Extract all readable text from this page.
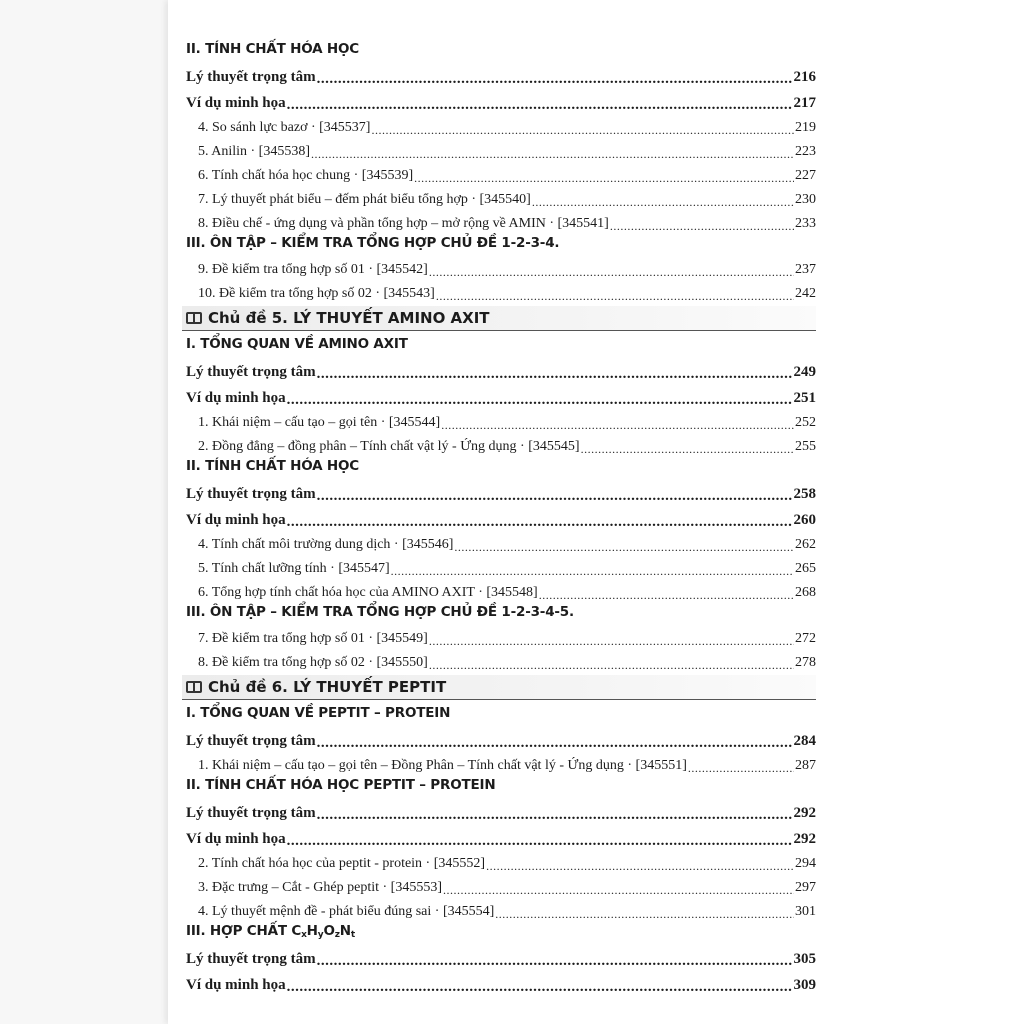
II. TÍNH CHẤT HÓA HỌC
Lý thuyết trọng tâm .....	216
Ví dụ minh họa .....	217
4. So sánh lực bazơ · [345537] .....	219
5. Anilin · [345538] .....	223
6. Tính chất hóa học chung · [345539] .....	227
7. Lý thuyết phát biểu – đếm phát biểu tổng hợp · [345540] .....	230
8. Điều chế - ứng dụng và phần tổng hợp – mở rộng về AMIN · [345541] .....	233
III. ÔN TẬP – KIỂM TRA TỔNG HỢP CHỦ ĐỀ 1-2-3-4.
9. Đề kiểm tra tổng hợp số 01 · [345542] .....	237
10. Đề kiểm tra tổng hợp số 02 · [345543] .....	242
Chủ đề 5. LÝ THUYẾT AMINO AXIT
I. TỔNG QUAN VỀ AMINO AXIT
Lý thuyết trọng tâm .....	249
Ví dụ minh họa .....	251
1. Khái niệm – cấu tạo – gọi tên · [345544] .....	252
2. Đồng đẳng – đồng phân – Tính chất vật lý - Ứng dụng · [345545] .....	255
II. TÍNH CHẤT HÓA HỌC
Lý thuyết trọng tâm .....	258
Ví dụ minh họa .....	260
4. Tính chất môi trường dung dịch · [345546] .....	262
5. Tính chất lưỡng tính · [345547] .....	265
6. Tổng hợp tính chất hóa học của AMINO AXIT · [345548] .....	268
III. ÔN TẬP – KIỂM TRA TỔNG HỢP CHỦ ĐỀ 1-2-3-4-5.
7. Đề kiểm tra tổng hợp số 01 · [345549] .....	272
8. Đề kiểm tra tổng hợp số 02 · [345550] .....	278
Chủ đề 6. LÝ THUYẾT PEPTIT
I. TỔNG QUAN VỀ PEPTIT – PROTEIN
Lý thuyết trọng tâm .....	284
1. Khái niệm – cấu tạo – gọi tên – Đồng Phân – Tính chất vật lý - Ứng dụng · [345551] .....	287
II. TÍNH CHẤT HÓA HỌC PEPTIT – PROTEIN
Lý thuyết trọng tâm .....	292
Ví dụ minh họa .....	292
2. Tính chất hóa học của peptit - protein · [345552] .....	294
3. Đặc trưng – Cắt - Ghép peptit · [345553] .....	297
4. Lý thuyết mệnh đề - phát biểu đúng sai · [345554] .....	301
III. HỢP CHẤT $C_xH_yO_zN_t$
Lý thuyết trọng tâm .....	305
Ví dụ minh họa .....	309
